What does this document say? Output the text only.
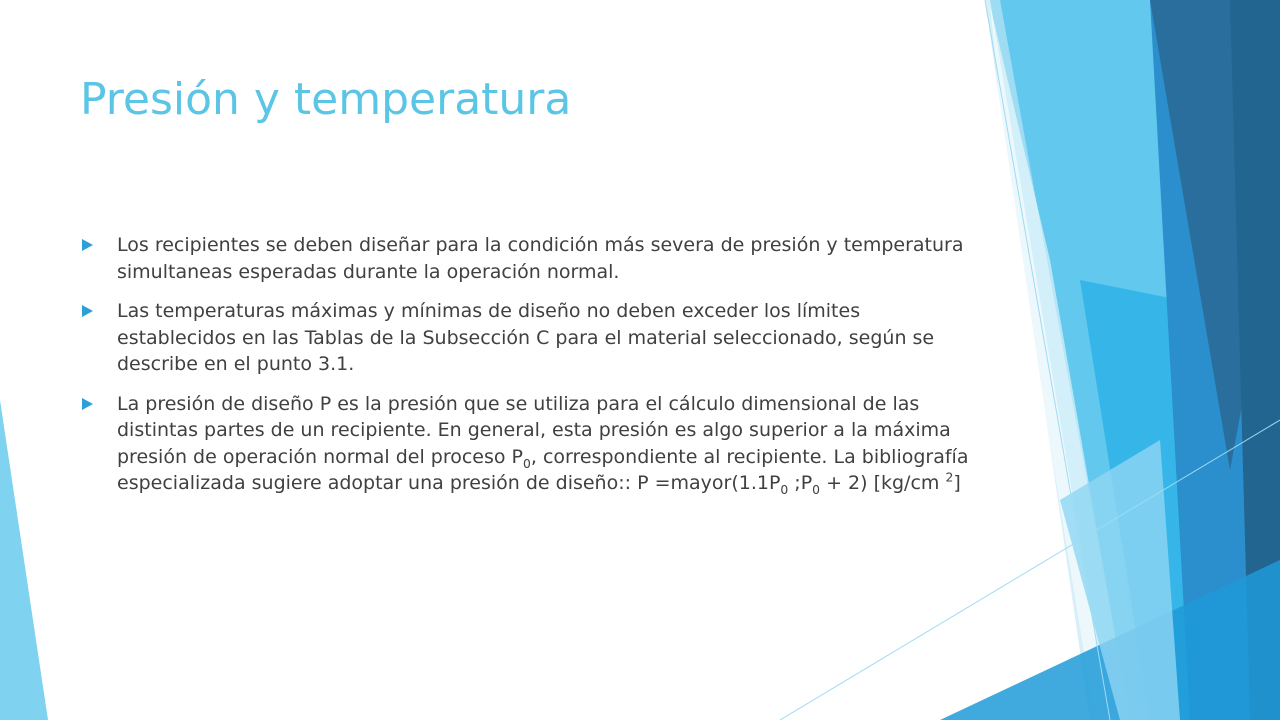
Presión y temperatura
Los recipientes se deben diseñar para la condición más severa de presión y temperatura simultaneas esperadas durante la operación normal.
Las temperaturas máximas y mínimas de diseño no deben exceder los límites establecidos en las Tablas de la Subsección C para el material seleccionado, según se describe en el punto 3.1.
La presión de diseño P es la presión que se utiliza para el cálculo dimensional de las distintas partes de un recipiente. En general, esta presión es algo superior a la máxima presión de operación normal del proceso $P_0$, correspondiente al recipiente. La bibliografía especializada sugiere adoptar una presión de diseño:: $P =mayor(1.1P_0$ $;P_0 + 2$) [kg/cm $^2$]
